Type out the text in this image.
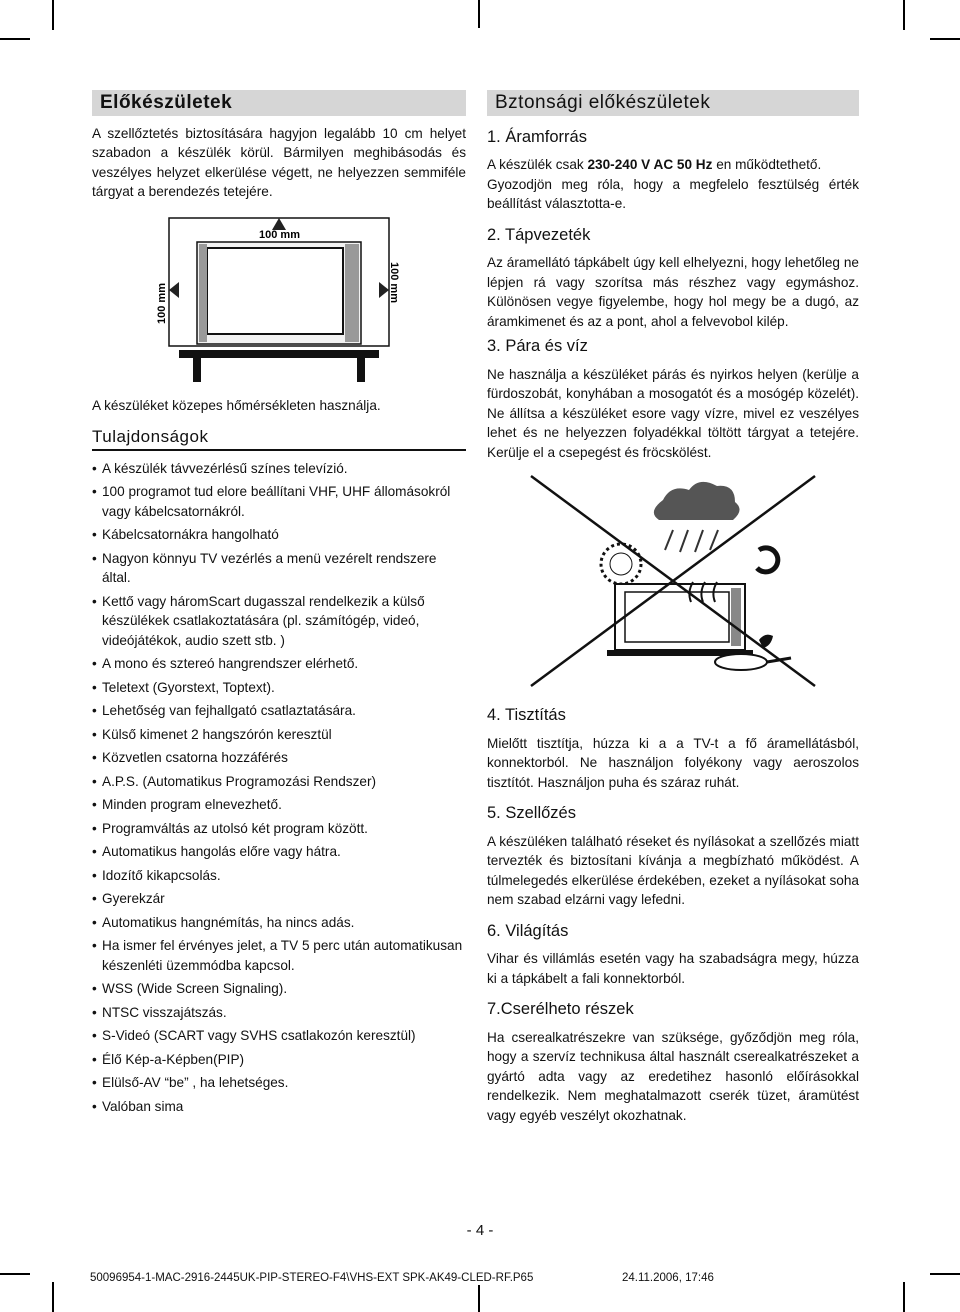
Előkészületek

A szellőztetés biztosítására hagyjon legalább 10 cm helyet szabadon a készülék körül. Bármilyen meghibásodás és veszélyes helyzet elkerülése végett, ne helyezzen semmiféle tárgyat a berendezés tetejére.

100 mm
100 mm
100 mm

A készüléket közepes hőmérsékleten használja.

Tulajdonságok
• A készülék távvezérlésű színes televízió.
• 100 programot tud elore beállítani VHF, UHF állomásokról vagy kábelcsatornákról.
• Kábelcsatornákra hangolható
• Nagyon könnyu TV vezérlés a menü vezérelt rendszere által.
• Kettő vagy háromScart dugasszal rendelkezik a külső készülékek csatlakoztatására (pl. számítógép, videó, videójátékok, audio szett stb. )
• A mono és sztereó hangrendszer elérhető.
• Teletext (Gyorstext, Toptext).
• Lehetőség van fejhallgató csatlaztatására.
• Külső kimenet 2 hangszórón keresztül
• Közvetlen csatorna hozzáférés
• A.P.S. (Automatikus Programozási Rendszer)
• Minden program elnevezhető.
• Programváltás az utolsó két program között.
• Automatikus hangolás előre vagy hátra.
• Idozítő kikapcsolás.
• Gyerekzár
• Automatikus hangnémítás, ha nincs adás.
• Ha ismer fel érvényes jelet, a TV 5 perc után automatikusan készenléti üzemmódba kapcsol.
• WSS (Wide Screen Signaling).
• NTSC visszajátszás.
• S-Videó (SCART vagy SVHS csatlakozón keresztül)
• Élő Kép-a-Képben(PIP)
• Elülső-AV “be” , ha lehetséges.
• Valóban sima
Bztonsági előkészületek
1. Áramforrás

A készülék csak 230-240 V AC 50 Hz en működtethető.

Gyozodjön meg róla, hogy a megfelelo fesztülség érték beállítást választotta-e.

2. Tápvezeték

Az áramellátó tápkábelt úgy kell elhelyezni, hogy lehetőleg ne lépjen rá vagy szorítsa más részhez vagy egymáshoz. Különösen vegye figyelembe, hogy hol megy be a dugó, az áramkimenet és az a pont, ahol a felvevobol kilép.

3. Pára és víz

Ne használja a készüléket párás és nyirkos helyen (kerülje a fürdoszobát, konyhában a mosogatót és a mosógép közelét). Ne állítsa a készüléket esore vagy vízre, mivel ez veszélyes lehet és ne helyezzen folyadékkal töltött tárgyat a tetejére. Kerülje el a csepegést és fröcskölést.

4. Tisztítás

Mielőtt tisztítja, húzza ki a a TV-t a fő áramellátásból, konnektorból. Ne használjon folyékony vagy aeroszolos tisztítót. Használjon puha és száraz ruhát.

5. Szellőzés

A készüléken található réseket és nyílásokat a szellőzés miatt tervezték és biztosítani kívánja a megbízható működést. A túlmelegedés elkerülése érdekében, ezeket a nyílásokat soha nem szabad elzárni vagy lefedni.

6. Világítás

Vihar és villámlás esetén vagy ha szabadságra megy, húzza ki a tápkábelt a fali konnektorból.

7.Cserélheto részek

Ha cserealkatrészekre van szüksége, győződjön meg róla, hogy a szervíz technikusa által használt cserealkatrészeket a gyártó adta vagy az eredetihez hasonló előírásokkal rendelkezik. Nem meghatalmazott cserék tüzet, áramütést vagy egyéb veszélyt okozhatnak.

- 4 -
50096954-1-MAC-2916-2445UK-PIP-STEREO-F4\VHS-EXT SPK-AK49-CLED-RF.P65	24.11.2006, 17:46
